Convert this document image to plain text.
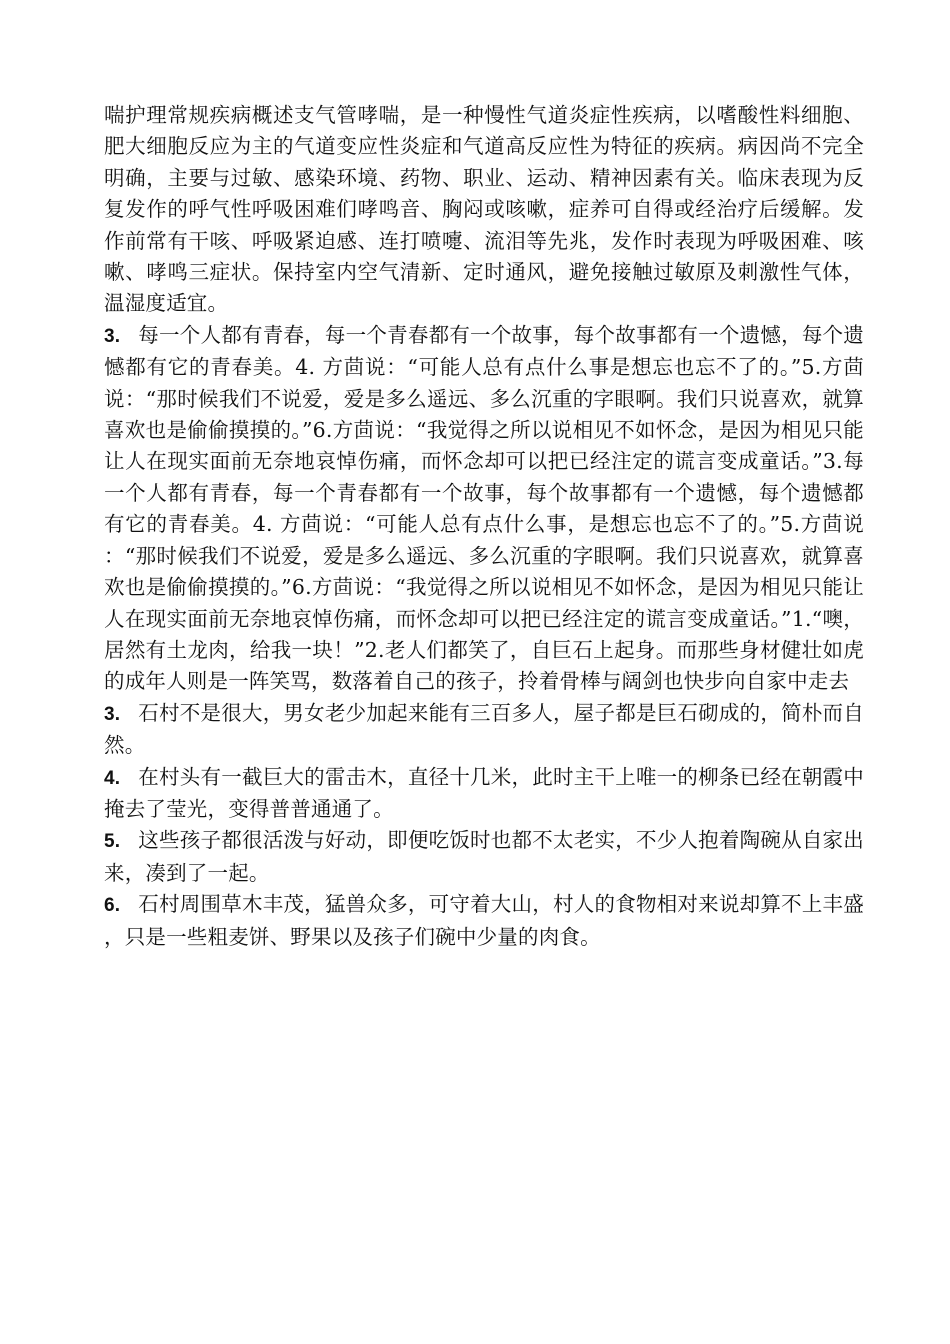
喘护理常规疾病概述支气管哮喘，是一种慢性气道炎症性疾病，以嗜酸性料细胞、肥大细胞反应为主的气道变应性炎症和气道高反应性为特征的疾病。病因尚不完全明确，主要与过敏、感染环境、药物、职业、运动、精神因素有关。临床表现为反复发作的呼气性呼吸困难们哮鸣音、胸闷或咳嗽，症养可自得或经治疗后缓解。发作前常有干咳、呼吸紧迫感、连打喷嚏、流泪等先兆，发作时表现为呼吸困难、咳嗽、哮鸣三症状。保持室内空气清新、定时通风，避免接触过敏原及刺激性气体，温湿度适宜。

3. 每一个人都有青春，每一个青春都有一个故事，每个故事都有一个遗憾，每个遗憾都有它的青春美。4. 方茴说：“可能人总有点什么事是想忘也忘不了的。”5.方茴说：“那时候我们不说爱，爱是多么遥远、多么沉重的字眼啊。我们只说喜欢，就算喜欢也是偷偷摸摸的。”6.方茴说：“我觉得之所以说相见不如怀念，是因为相见只能让人在现实面前无奈地哀悼伤痛，而怀念却可以把已经注定的谎言变成童话。”3.每一个人都有青春，每一个青春都有一个故事，每个故事都有一个遗憾，每个遗憾都有它的青春美。4. 方茴说：“可能人总有点什么事，是想忘也忘不了的。”5.方茴说：“那时候我们不说爱，爱是多么遥远、多么沉重的字眼啊。我们只说喜欢，就算喜欢也是偷偷摸摸的。”6.方茴说：“我觉得之所以说相见不如怀念，是因为相见只能让人在现实面前无奈地哀悼伤痛，而怀念却可以把已经注定的谎言变成童话。”1.“噢，居然有土龙肉，给我一块！”2.老人们都笑了，自巨石上起身。而那些身材健壮如虎的成年人则是一阵笑骂，数落着自己的孩子，拎着骨棒与阔剑也快步向自家中走去

3. 石村不是很大，男女老少加起来能有三百多人，屋子都是巨石砌成的，简朴而自然。

4. 在村头有一截巨大的雷击木，直径十几米，此时主干上唯一的柳条已经在朝霞中掩去了莹光，变得普普通通了。

5. 这些孩子都很活泼与好动，即便吃饭时也都不太老实，不少人抱着陶碗从自家出来，凑到了一起。

6. 石村周围草木丰茂，猛兽众多，可守着大山，村人的食物相对来说却算不上丰盛，只是一些粗麦饼、野果以及孩子们碗中少量的肉食。
